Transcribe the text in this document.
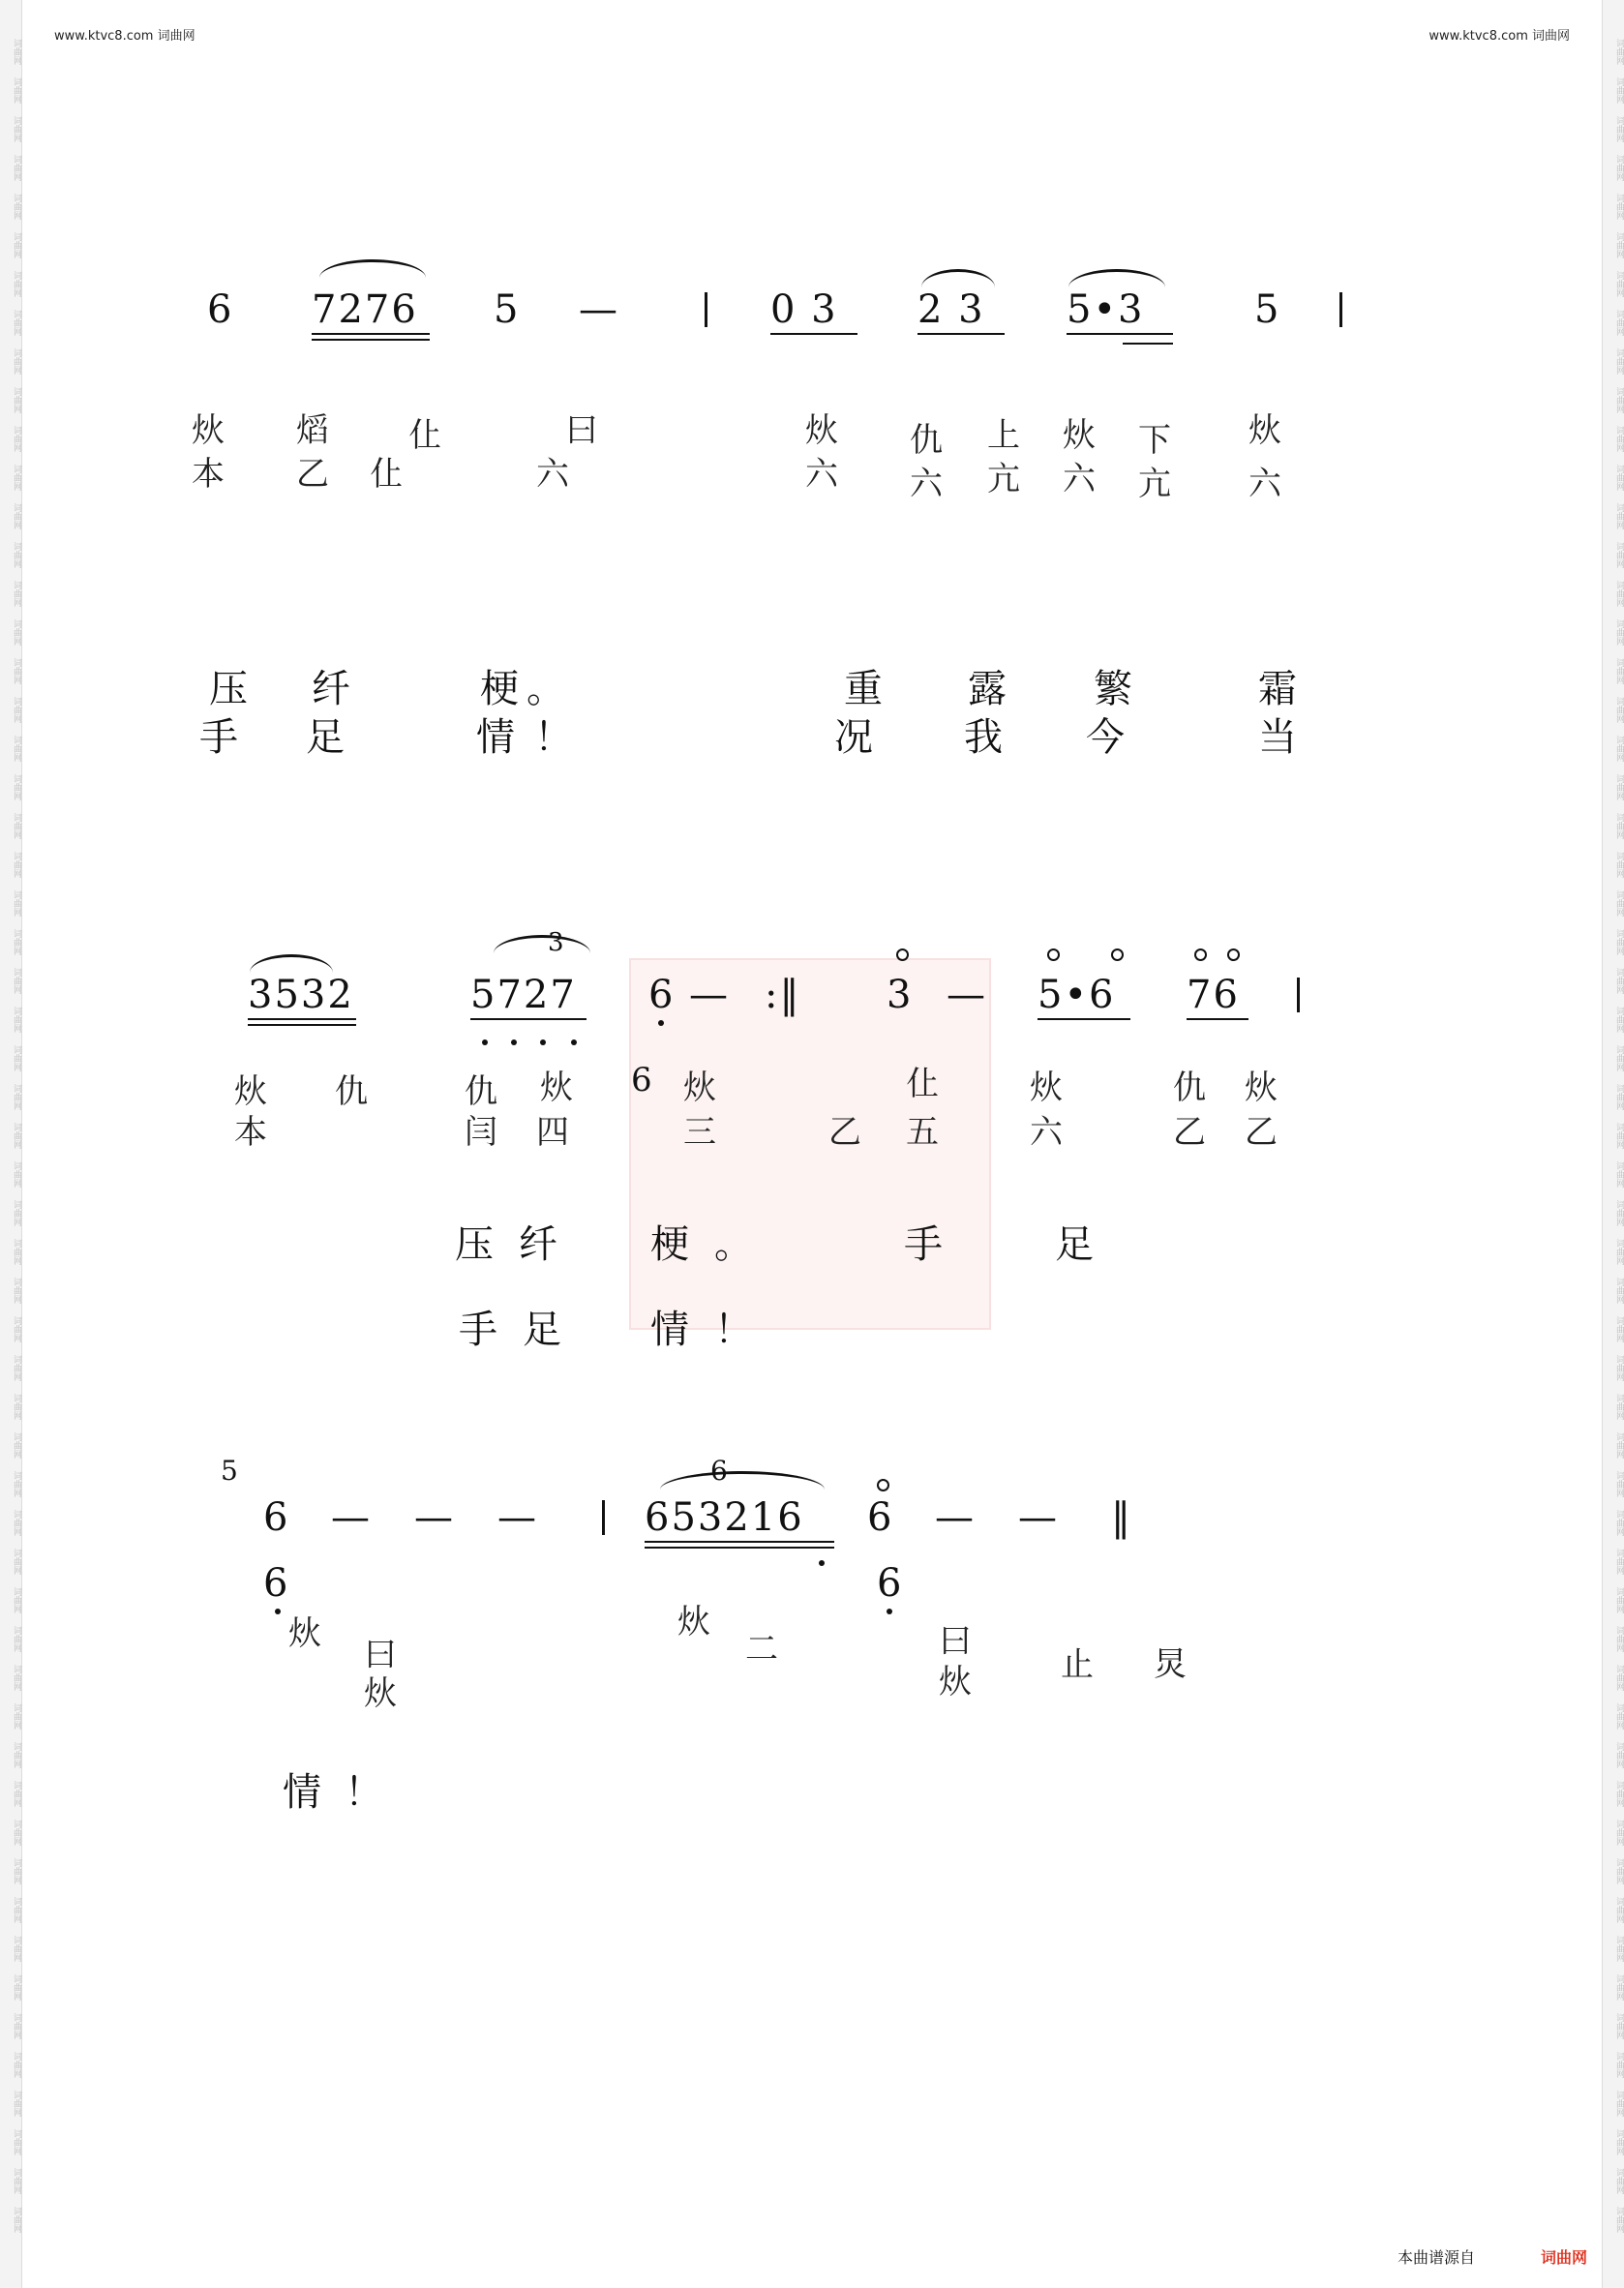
www.ktvc8.com 词曲网	www.ktvc8.com 词曲网
6 7276 5 —	0 3 2 3 5•3	5
炏
本
熖
乙
仩
仩
曰
六
炏
六
仇
六
上
亢
炏
六
下
亢
炏
六
压 纤	梗 。	重 露 繁	霜
手 足	情 ！	况 我 今	当
3532
3
5727 6 — :‖
6
3 — 5•6 76
炏
本
仇	仇
闫
炏
四
炏
三	乙
仩
五
炏
六
仇
乙
炏
乙
压 纤 梗 。	手	足
手 足 情 ！
5
6
6
— — —
6
653216 6
6
— — ‖
炏
曰
炏
炏
二	曰
炏	止 炅
情 ！
本曲谱源自	词曲网
词曲网
词曲网
词曲网
词曲网
词曲网
词曲网
词曲网
词曲网
词曲网
词曲网
词曲网
词曲网
词曲网
词曲网
词曲网
词曲网
词曲网
词曲网
词曲网
词曲网
词曲网
词曲网
词曲网
词曲网
词曲网
词曲网
词曲网
词曲网
词曲网
词曲网
词曲网
词曲网
词曲网
词曲网
词曲网
词曲网
词曲网
词曲网
词曲网
词曲网
词曲网
词曲网
词曲网
词曲网
词曲网
词曲网
词曲网
词曲网
词曲网
词曲网
词曲网
词曲网
词曲网
词曲网
词曲网
词曲网
词曲网
词曲网
词曲网
词曲网
词曲网
词曲网
词曲网
词曲网
词曲网
词曲网
词曲网
词曲网
词曲网
词曲网
词曲网
词曲网
词曲网
词曲网
词曲网
词曲网
词曲网
词曲网
词曲网
词曲网
词曲网
词曲网
词曲网
词曲网
词曲网
词曲网
词曲网
词曲网
词曲网
词曲网
词曲网
词曲网
词曲网
词曲网
词曲网
词曲网
词曲网
词曲网
词曲网
词曲网
词曲网
词曲网
词曲网
词曲网
词曲网
词曲网
词曲网
词曲网
词曲网
词曲网
词曲网
词曲网
词曲网
词曲网
